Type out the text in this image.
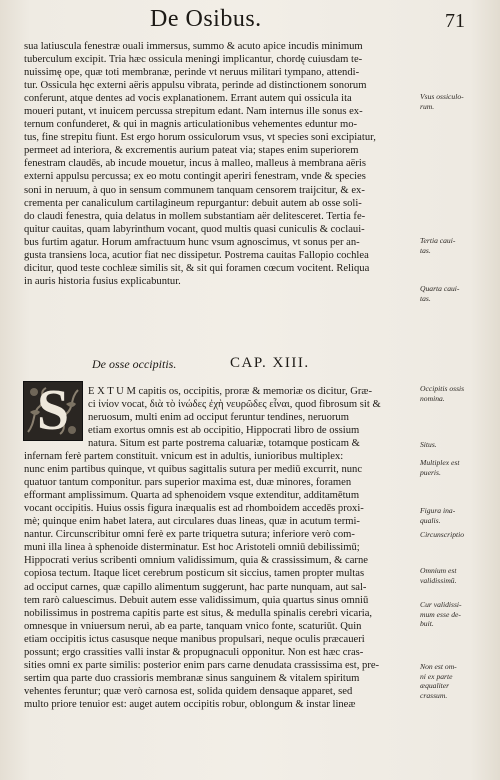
De Osibus.	71
sua latiuscula fenestræ ouali immersus, summo & acuto apice incudis minimum
tuberculum excipit. Tria hæc ossicula meningi implicantur, chordę cuiusdam te-
nuissimę ope, quæ toti membranæ, perinde vt neruus militari tympano, attendi-
tur. Ossicula hęc externi aëris appulsu vibrata, perinde ad distinctionem sonorum
conferunt, atque dentes ad vocis explanationem. Errant autem qui ossicula ita
moueri putant, vt inuicem percussa strepitum edant. Nam internus ille sonus ex-
ternum confunderet, & qui in magnis articulationibus vehementes eduntur mo-
tus, fine strepitu fiunt. Est ergo horum ossiculorum vsus, vt species soni excipiatur,
permeet ad interiora, & excrementis aurium pateat via; stapes enim superiorem
fenestram claudēs, ab incude mouetur, incus à malleo, malleus à membrana aëris
externi appulsu percussa; ex eo motu contingit aperiri fenestram, vnde & species
soni in neruum, à quo in sensum communem tanquam censorem traijcitur, & ex-
crementa per canaliculum cartilagineum repurgantur: debuit autem ab osse soli-
do claudi fenestra, quia delatus in mollem substantiam aër delitesceret. Tertia fe-
quitur cauitas, quam labyrinthum vocant, quod multis quasi cuniculis & coclaui-
bus furtim agatur. Horum amfractuum hunc vsum agnoscimus, vt sonus per an-
gusta transiens loca, acutior fiat nec dissipetur. Postrema cauitas Fallopio cochlea
dicitur, quod teste cochleæ similis sit, & sit qui foramen cœcum vocitent. Reliqua
in auris historia fusius explicabuntur.
De osse occipitis.	CAP. XIII.
S	E X T U M capitis os, occipitis, proræ & memoriæ os dicitur, Græ-
ci ἰνίον vocat, διὰ τὸ ἰνώδες ἐχὴ νευρῶδες εἶναι, quod fibrosum sit &
neruosum, multi enim ad occiput feruntur tendines, neruorum
etiam exortus omnis est ab occipitio, Hippocrati libro de ossium
natura. Situm est parte postrema caluariæ, totamque posticam &
infernam ferè partem constituit. vnicum est in adultis, iunioribus multiplex:
nunc enim partibus quinque, vt quibus sagittalis sutura per mediū excurrit, nunc
quatuor tantum componitur. pars superior maxima est, duæ minores, foramen
efformant amplissimum. Quarta ad sphenoidem vsque extenditur, additamētum
vocant occipitis. Huius ossis figura inæqualis est ad rhomboidem accedēs proxi-
mè; quinque enim habet latera, aut circulares duas lineas, quæ in acutum termi-
nantur. Circunscribitur omni ferè ex parte triquetra sutura; inferiore verò com-
muni illa linea à sphenoide disterminatur. Est hoc Aristoteli omniū debilissimū;
Hippocrati verius scribenti omnium validissimum, quia & crassissimum, & carne
copiosa tectum. Itaque licet cerebrum posticum sit siccius, tamen propter multas
ad occiput carnes, quæ capillo alimentum suggerunt, hac parte nunquam, aut sal-
tem rarò caluescimus. Debuit autem esse validissimum, quia quartus sinus omniū
nobilissimus in postrema capitis parte est situs, & medulla spinalis cerebri vicaria,
omnesque in vniuersum neruì, ab ea parte, tanquam vnico fonte, scaturiūt. Quin
etiam occipitis ictus casusque neque manibus propulsari, neque oculis præcaueri
possunt; ergo crassities valli instar & propugnaculi opponitur. Non est hæc cras-
sities omni ex parte similis: posterior enim pars carne denudata crassissima est, pre-
sertim qua parte duo crassioris membranæ sinus sanguinem & vitalem spiritum
vehentes feruntur; quæ verò carnosa est, solida quidem densaque apparet, sed
multo priore tenuior est: auget autem occipitis robur, oblongum & instar lineæ
Vsus ossiculo-
rum.
Tertia caui-
tas.
Quarta caui-
tas.
Occipitis ossis
nomina.
Situs.
Multiplex est
pueris.
Figura ina-
qualis.
Circunscriptio
Omnium est
validissimū.
Cur validissi-
mum esse de-
buit.
Non est om-
ni ex parte
æqualiter
crassum.
